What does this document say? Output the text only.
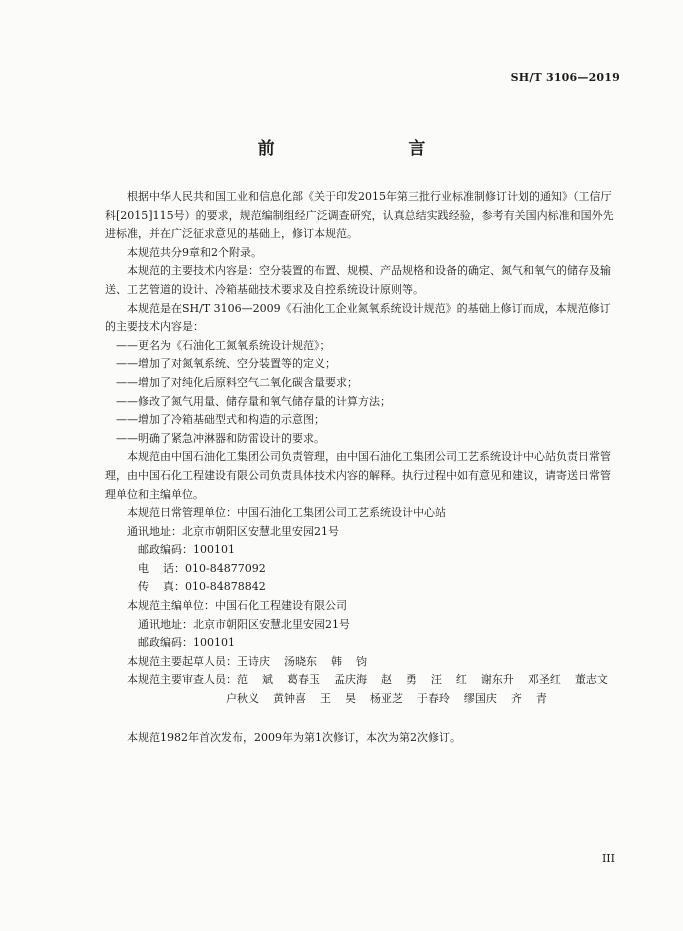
SH/T 3106—2019
前    言

根据中华人民共和国工业和信息化部《关于印发2015年第三批行业标准制修订计划的通知》（工信厅科[2015]115号）的要求，规范编制组经广泛调查研究，认真总结实践经验，参考有关国内标准和国外先进标准，并在广泛征求意见的基础上，修订本规范。

本规范共分9章和2个附录。

本规范的主要技术内容是：空分装置的布置、规模、产品规格和设备的确定、氮气和氧气的储存及输送、工艺管道的设计、冷箱基础技术要求及自控系统设计原则等。

本规范是在SH/T 3106—2009《石油化工企业氮氧系统设计规范》的基础上修订而成，本规范修订的主要技术内容是：

——更名为《石油化工氮氧系统设计规范》；

——增加了对氮氧系统、空分装置等的定义；

——增加了对纯化后原料空气二氧化碳含量要求；

——修改了氮气用量、储存量和氧气储存量的计算方法；

——增加了冷箱基础型式和构造的示意图；

——明确了紧急冲淋器和防雷设计的要求。

本规范由中国石油化工集团公司负责管理，由中国石油化工集团公司工艺系统设计中心站负责日常管理，由中国石化工程建设有限公司负责具体技术内容的解释。执行过程中如有意见和建议，请寄送日常管理单位和主编单位。

本规范日常管理单位：中国石油化工集团公司工艺系统设计中心站

通讯地址：北京市朝阳区安慧北里安园21号

邮政编码：100101

电    话：010-84877092

传    真：010-84878842

本规范主编单位：中国石化工程建设有限公司

通讯地址：北京市朝阳区安慧北里安园21号

邮政编码：100101

本规范主要起草人员：王诗庆    汤晓东    韩    钧

本规范主要审查人员：范    斌    葛春玉    孟庆海    赵    勇    汪    红    谢东升    邓圣红    董志文

户秋义    黄钟喜    王    昊    杨亚芝    于春玲    缪国庆    齐    青

本规范1982年首次发布，2009年为第1次修订，本次为第2次修订。

III
